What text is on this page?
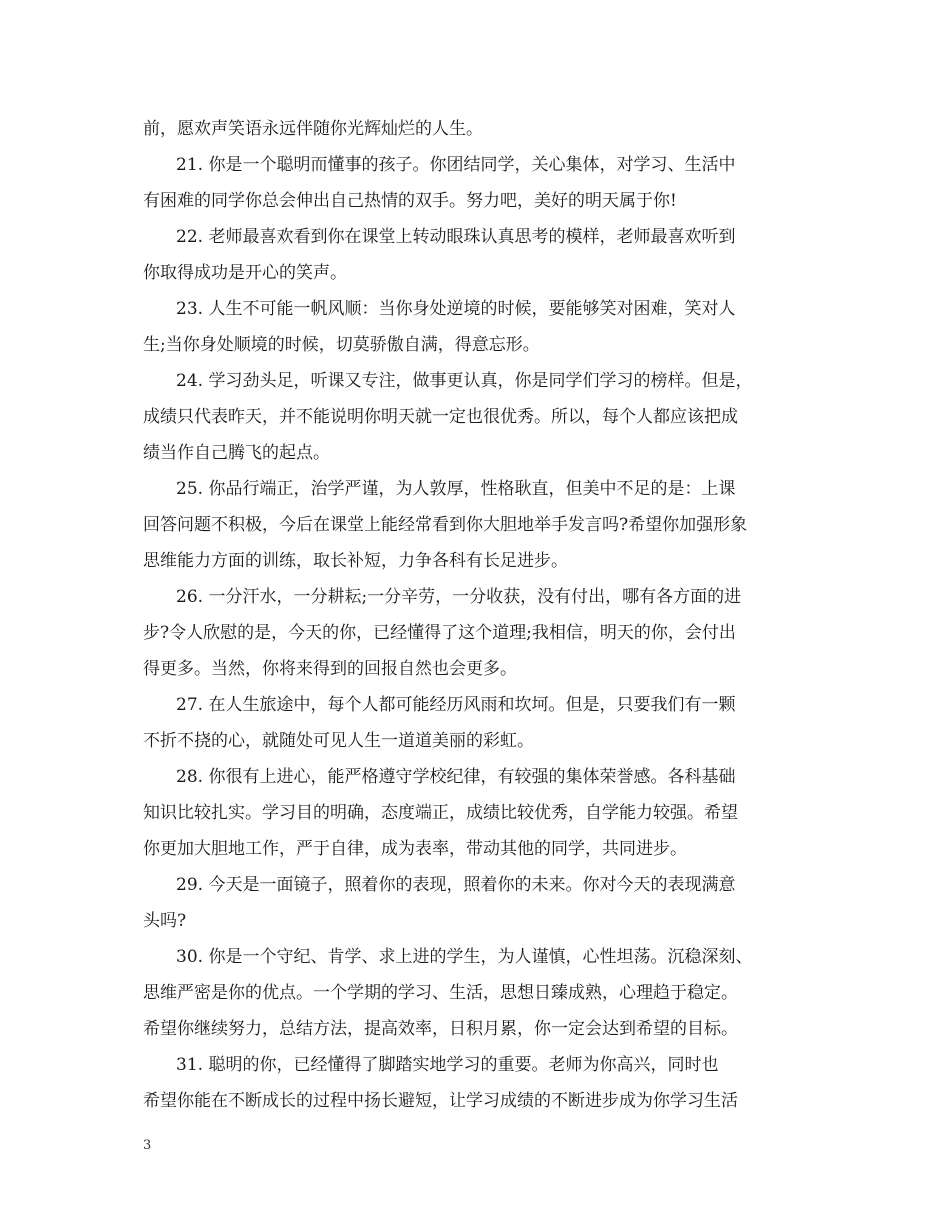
前，愿欢声笑语永远伴随你光辉灿烂的人生。
21. 你是一个聪明而懂事的孩子。你团结同学，关心集体，对学习、生活中
有困难的同学你总会伸出自己热情的双手。努力吧，美好的明天属于你!
22. 老师最喜欢看到你在课堂上转动眼珠认真思考的模样，老师最喜欢听到
你取得成功是开心的笑声。
23. 人生不可能一帆风顺：当你身处逆境的时候，要能够笑对困难，笑对人
生;当你身处顺境的时候，切莫骄傲自满，得意忘形。
24. 学习劲头足，听课又专注，做事更认真，你是同学们学习的榜样。但是，
成绩只代表昨天，并不能说明你明天就一定也很优秀。所以，每个人都应该把成
绩当作自己腾飞的起点。
25. 你品行端正，治学严谨，为人敦厚，性格耿直，但美中不足的是：上课
回答问题不积极，今后在课堂上能经常看到你大胆地举手发言吗?希望你加强形象
思维能力方面的训练，取长补短，力争各科有长足进步。
26. 一分汗水，一分耕耘;一分辛劳，一分收获，没有付出，哪有各方面的进
步?令人欣慰的是，今天的你，已经懂得了这个道理;我相信，明天的你，会付出
得更多。当然，你将来得到的回报自然也会更多。
27. 在人生旅途中，每个人都可能经历风雨和坎坷。但是，只要我们有一颗
不折不挠的心，就随处可见人生一道道美丽的彩虹。
28. 你很有上进心，能严格遵守学校纪律，有较强的集体荣誉感。各科基础
知识比较扎实。学习目的明确，态度端正，成绩比较优秀，自学能力较强。希望
你更加大胆地工作，严于自律，成为表率，带动其他的同学，共同进步。
29. 今天是一面镜子，照着你的表现，照着你的未来。你对今天的表现满意
头吗?
30. 你是一个守纪、肯学、求上进的学生，为人谨慎，心性坦荡。沉稳深刻、
思维严密是你的优点。一个学期的学习、生活，思想日臻成熟，心理趋于稳定。
希望你继续努力，总结方法，提高效率，日积月累，你一定会达到希望的目标。
31. 聪明的你，已经懂得了脚踏实地学习的重要。老师为你高兴，同时也
希望你能在不断成长的过程中扬长避短，让学习成绩的不断进步成为你学习生活
3
